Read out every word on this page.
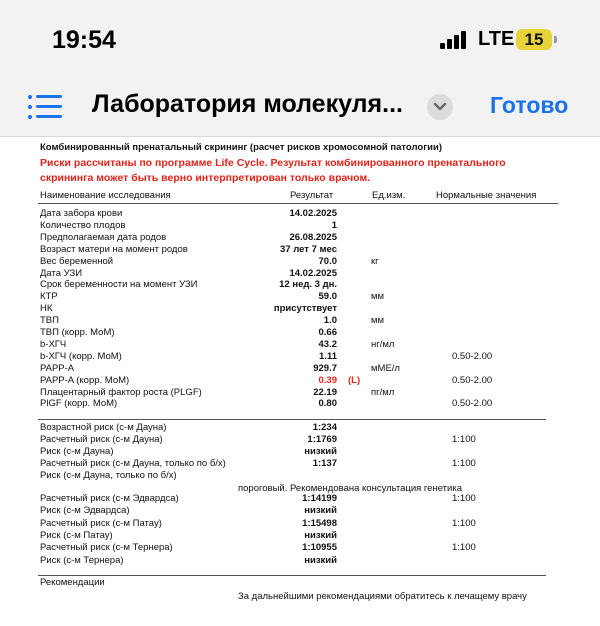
19:54	LTE 15
Лаборатория молекуля...	Готово
Комбинированный пренатальный скрининг (расчет рисков хромосомной патологии)
Риски рассчитаны по программе Life Cycle. Результат комбинированного пренатального
скрининга может быть верно интерпретирован только врачом.
Наименование исследования	Результат	Ед.изм.	Нормальные значения
Дата забора крови	14.02.2025
Количество плодов	1
Предполагаемая дата родов	26.08.2025
Возраст матери на момент родов	37 лет 7 мес
Вес беременной	70.0	кг
Дата УЗИ	14.02.2025
Срок беременности на момент УЗИ	12 нед. 3 дн.
КТР	59.0	мм
НК	присутствует
ТВП	1.0	мм
ТВП (корр. МоМ)	0.66
b-ХГЧ	43.2	нг/мл
b-ХГЧ (корр. МоМ)	1.11	0.50-2.00
PAPP-A	929.7	мМЕ/л
PAPP-A (корр. МоМ)	0.39 (L)	0.50-2.00
Плацентарный фактор роста (PLGF)	22.19	пг/мл
PlGF (корр. МоМ)	0.80	0.50-2.00
Возрастной риск (с-м Дауна)	1:234
Расчетный риск (с-м Дауна)	1:1769	1:100
Риск (с-м Дауна)	низкий
Расчетный риск (с-м Дауна, только по б/х)	1:137	1:100
Риск (с-м Дауна, только по б/х)
пороговый. Рекомендована консультация генетика
Расчетный риск (с-м Эдвардса)	1:14199	1:100
Риск (с-м Эдвардса)	низкий
Расчетный риск (с-м Патау)	1:15498	1:100
Риск (с-м Патау)	низкий
Расчетный риск (с-м Тернера)	1:10955	1:100
Риск (с-м Тернера)	низкий
Рекомендации
За дальнейшими рекомендациями обратитесь к лечащему врачу
